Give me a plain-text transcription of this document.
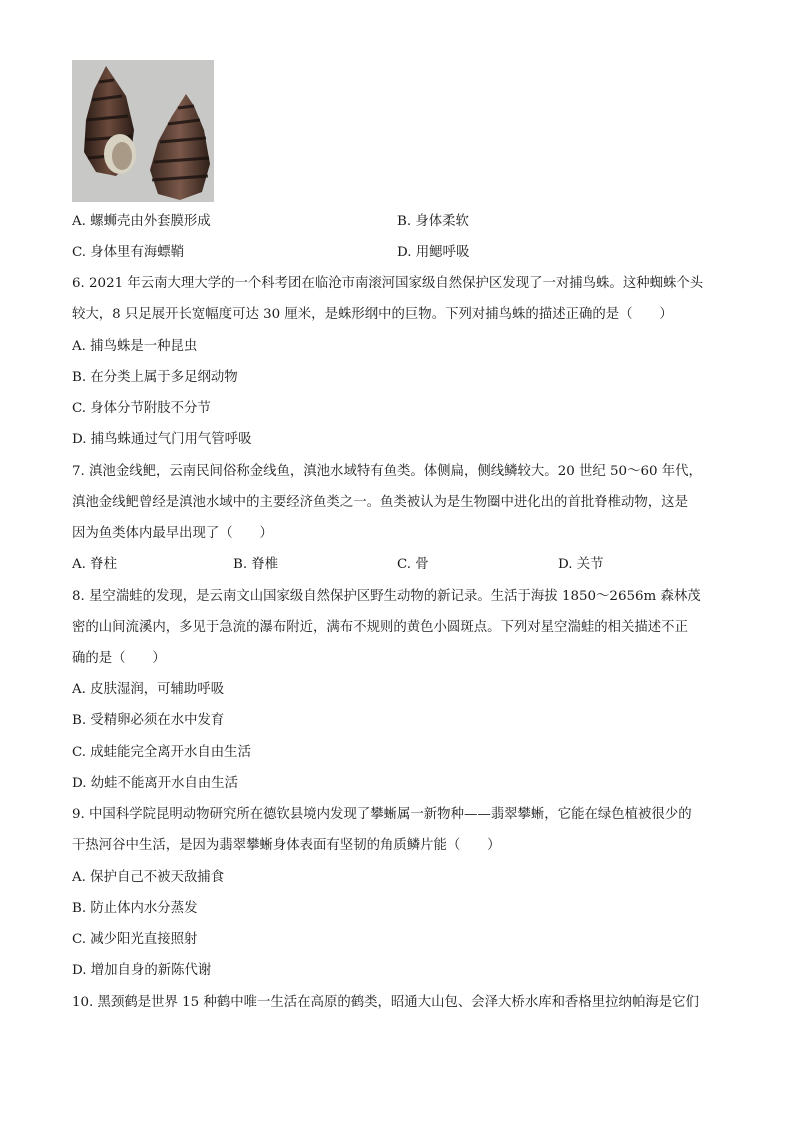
A. 螺蛳壳由外套膜形成	B. 身体柔软
C. 身体里有海螵鞘	D. 用鳃呼吸
6. 2021 年云南大理大学的一个科考团在临沧市南滚河国家级自然保护区发现了一对捕鸟蛛。这种蜘蛛个头
较大，8 只足展开长宽幅度可达 30 厘米，是蛛形纲中的巨物。下列对捕鸟蛛的描述正确的是（　　）
A. 捕鸟蛛是一种昆虫
B. 在分类上属于多足纲动物
C. 身体分节附肢不分节
D. 捕鸟蛛通过气门用气管呼吸
7. 滇池金线鲃，云南民间俗称金线鱼，滇池水域特有鱼类。体侧扁，侧线鳞较大。20 世纪 50～60 年代，
滇池金线鲃曾经是滇池水域中的主要经济鱼类之一。鱼类被认为是生物圈中进化出的首批脊椎动物，这是
因为鱼类体内最早出现了（　　）
A. 脊柱	B. 脊椎	C. 骨	D. 关节
8. 星空湍蛙的发现，是云南文山国家级自然保护区野生动物的新记录。生活于海拔 1850～2656m 森林茂
密的山间流溪内，多见于急流的瀑布附近，满布不规则的黄色小圆斑点。下列对星空湍蛙的相关描述不正
确的是（　　）
A. 皮肤湿润，可辅助呼吸
B. 受精卵必须在水中发育
C. 成蛙能完全离开水自由生活
D. 幼蛙不能离开水自由生活
9. 中国科学院昆明动物研究所在德钦县境内发现了攀蜥属一新物种——翡翠攀蜥，它能在绿色植被很少的
干热河谷中生活，是因为翡翠攀蜥身体表面有坚韧的角质鳞片能（　　）
A. 保护自己不被天敌捕食
B. 防止体内水分蒸发
C. 减少阳光直接照射
D. 增加自身的新陈代谢
10. 黑颈鹤是世界 15 种鹤中唯一生活在高原的鹤类，昭通大山包、会泽大桥水库和香格里拉纳帕海是它们
